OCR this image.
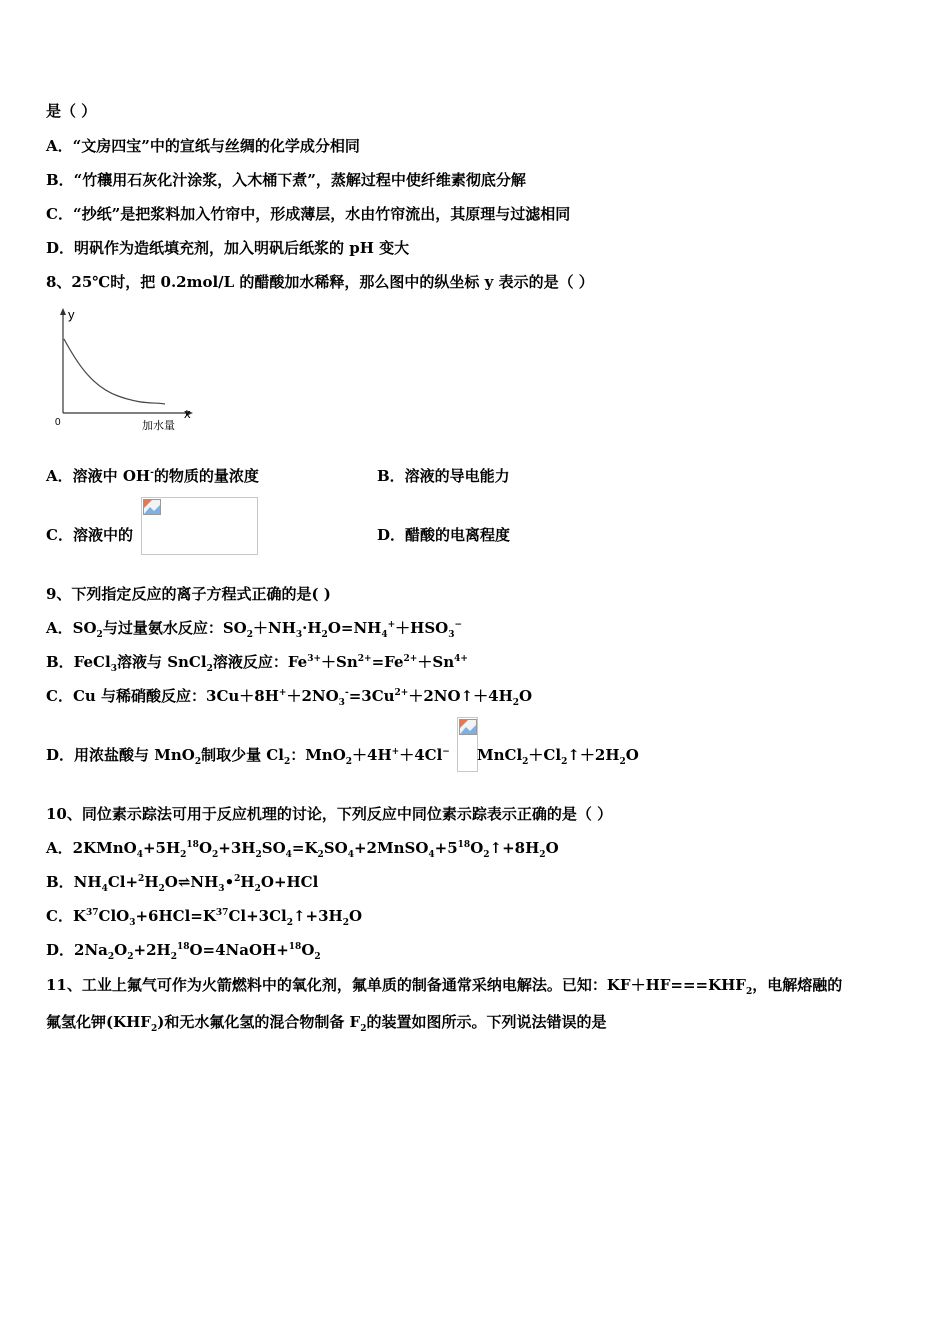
是（ ）
A．“文房四宝”中的宣纸与丝绸的化学成分相同
B．“竹穰用石灰化汁涂浆，入木桶下煮”，蒸解过程中使纤维素彻底分解
C．“抄纸”是把浆料加入竹帘中，形成薄层，水由竹帘流出，其原理与过滤相同
D．明矾作为造纸填充剂，加入明矾后纸浆的 pH 变大
8、25℃时，把 0.2mol/L 的醋酸加水稀释，那么图中的纵坐标 y 表示的是（ ）
y
x
0	加水量
A．溶液中 OH-的物质的量浓度	B．溶液的导电能力
C．溶液中的	D．醋酸的电离程度
9、下列指定反应的离子方程式正确的是( )
A．$SO_2$与过量氨水反应：$SO_2+NH_3\cdot H_2O=NH_4^++HSO_3^-$
B．FeCl$_3$溶液与 SnCl$_2$溶液反应：$Fe^{3+}+Sn^{2+}=Fe^{2+}+Sn^{4+}$
C．Cu 与稀硝酸反应：$3Cu+8H^++2NO_3^-=3Cu^{2+}+2NO↑+4H_2O$
D．用浓盐酸与 MnO$_2$制取少量 $Cl_2$：MnO$_2$＋4H+＋4Cl− $MnCl_2+Cl_2↑+2H_2O$
10、同位素示踪法可用于反应机理的讨论，下列反应中同位素示踪表示正确的是（ ）
A．$2KMnO_4+5H_2^{18}O_2+3H_2SO_4=K_2SO_4+2MnSO_4+5^{18}O_2↑+8H_2O$
B．$NH_4Cl+^2H_2O\rightleftharpoons NH_3•^2H_2O+HCl$
C．$K^{37}ClO_3+6HCl=K^{37}Cl+3Cl_2↑+3H_2O$
D．$2Na_2O_2+2H_2^{18}O=4NaOH+^{18}O_2$
11、工业上氟气可作为火箭燃料中的氧化剂，氟单质的制备通常采纳电解法。已知：$KF+HF===KHF_2$，电解熔融的
氟氢化钾$(KHF_2)$和无水氟化氢的混合物制备 $F_2$的装置如图所示。下列说法错误的是
